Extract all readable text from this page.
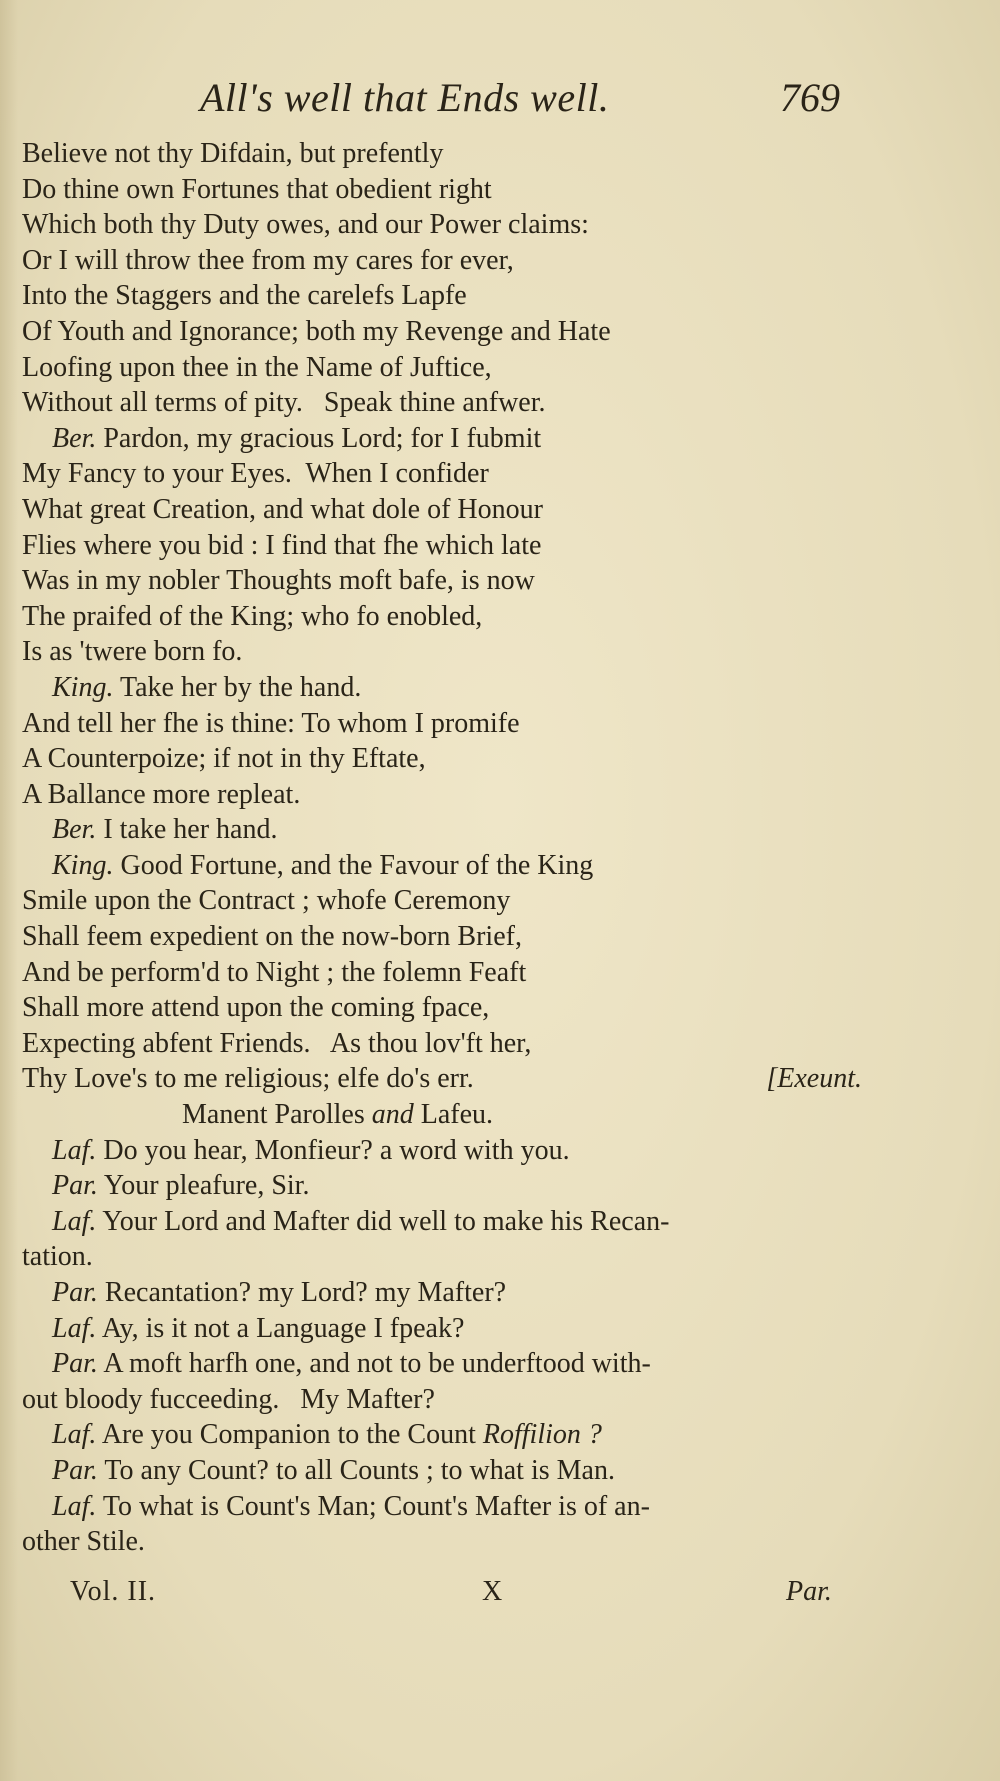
All's well that Ends well.	769
Believe not thy Difdain, but prefently
Do thine own Fortunes that obedient right
Which both thy Duty owes, and our Power claims:
Or I will throw thee from my cares for ever,
Into the Staggers and the carelefs Lapfe
Of Youth and Ignorance; both my Revenge and Hate
Loofing upon thee in the Name of Juftice,
Without all terms of pity.   Speak thine anfwer.
Ber. Pardon, my gracious Lord; for I fubmit
My Fancy to your Eyes.  When I confider
What great Creation, and what dole of Honour
Flies where you bid : I find that fhe which late
Was in my nobler Thoughts moft bafe, is now
The praifed of the King; who fo enobled,
Is as 'twere born fo.
King. Take her by the hand.
And tell her fhe is thine: To whom I promife
A Counterpoize; if not in thy Eftate,
A Ballance more repleat.
Ber. I take her hand.
King. Good Fortune, and the Favour of the King
Smile upon the Contract ; whofe Ceremony
Shall feem expedient on the now-born Brief,
And be perform'd to Night ; the folemn Feaft
Shall more attend upon the coming fpace,
Expecting abfent Friends.   As thou lov'ft her,
Thy Love's to me religious; elfe do's err.	[Exeunt.
Manent Parolles and Lafeu.
Laf. Do you hear, Monfieur? a word with you.
Par. Your pleafure, Sir.
Laf. Your Lord and Mafter did well to make his Recan-
tation.
Par. Recantation? my Lord? my Mafter?
Laf. Ay, is it not a Language I fpeak?
Par. A moft harfh one, and not to be underftood with-
out bloody fucceeding.   My Mafter?
Laf. Are you Companion to the Count Roffilion ?
Par. To any Count? to all Counts ; to what is Man.
Laf. To what is Count's Man; Count's Mafter is of an-
other Stile.
Vol. II.	X	Par.
